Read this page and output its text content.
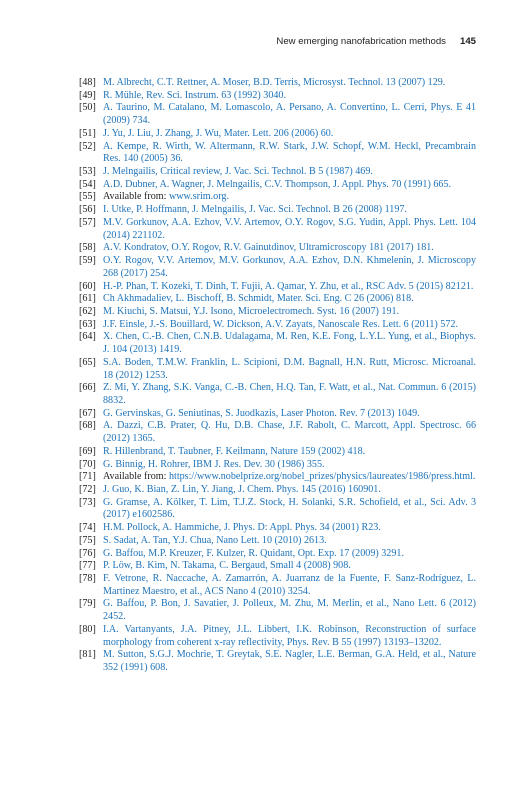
New emerging nanofabrication methods 145
[48] M. Albrecht, C.T. Rettner, A. Moser, B.D. Terris, Microsyst. Technol. 13 (2007) 129.
[49] R. Mühle, Rev. Sci. Instrum. 63 (1992) 3040.
[50] A. Taurino, M. Catalano, M. Lomascolo, A. Persano, A. Convertino, L. Cerri, Phys. E 41 (2009) 734.
[51] J. Yu, J. Liu, J. Zhang, J. Wu, Mater. Lett. 206 (2006) 60.
[52] A. Kempe, R. Wirth, W. Altermann, R.W. Stark, J.W. Schopf, W.M. Heckl, Precambrain Res. 140 (2005) 36.
[53] J. Melngailis, Critical review, J. Vac. Sci. Technol. B 5 (1987) 469.
[54] A.D. Dubner, A. Wagner, J. Melngailis, C.V. Thompson, J. Appl. Phys. 70 (1991) 665.
[55] Available from: www.srim.org.
[56] I. Utke, P. Hoffmann, J. Melngailis, J. Vac. Sci. Technol. B 26 (2008) 1197.
[57] M.V. Gorkunov, A.A. Ezhov, V.V. Artemov, O.Y. Rogov, S.G. Yudin, Appl. Phys. Lett. 104 (2014) 221102.
[58] A.V. Kondratov, O.Y. Rogov, R.V. Gainutdinov, Ultramicroscopy 181 (2017) 181.
[59] O.Y. Rogov, V.V. Artemov, M.V. Gorkunov, A.A. Ezhov, D.N. Khmelenin, J. Microscopy 268 (2017) 254.
[60] H.-P. Phan, T. Kozeki, T. Dinh, T. Fujii, A. Qamar, Y. Zhu, et al., RSC Adv. 5 (2015) 82121.
[61] Ch Akhmadaliev, L. Bischoff, B. Schmidt, Mater. Sci. Eng. C 26 (2006) 818.
[62] M. Kiuchi, S. Matsui, Y.J. Isono, Microelectromech. Syst. 16 (2007) 191.
[63] J.F. Einsle, J.-S. Bouillard, W. Dickson, A.V. Zayats, Nanoscale Res. Lett. 6 (2011) 572.
[64] X. Chen, C.-B. Chen, C.N.B. Udalagama, M. Ren, K.E. Fong, L.Y.L. Yung, et al., Biophys. J. 104 (2013) 1419.
[65] S.A. Boden, T.M.W. Franklin, L. Scipioni, D.M. Bagnall, H.N. Rutt, Microsc. Microanal. 18 (2012) 1253.
[66] Z. Mi, Y. Zhang, S.K. Vanga, C.-B. Chen, H.Q. Tan, F. Watt, et al., Nat. Commun. 6 (2015) 8832.
[67] G. Gervinskas, G. Seniutinas, S. Juodkazis, Laser Photon. Rev. 7 (2013) 1049.
[68] A. Dazzi, C.B. Prater, Q. Hu, D.B. Chase, J.F. Rabolt, C. Marcott, Appl. Spectrosc. 66 (2012) 1365.
[69] R. Hillenbrand, T. Taubner, F. Keilmann, Nature 159 (2002) 418.
[70] G. Binnig, H. Rohrer, IBM J. Res. Dev. 30 (1986) 355.
[71] Available from: https://www.nobelprize.org/nobel_prizes/physics/laureates/1986/press.html.
[72] J. Guo, K. Bian, Z. Lin, Y. Jiang, J. Chem. Phys. 145 (2016) 160901.
[73] G. Gramse, A. Kölker, T. Lim, T.J.Z. Stock, H. Solanki, S.R. Schofield, et al., Sci. Adv. 3 (2017) e1602586.
[74] H.M. Pollock, A. Hammiche, J. Phys. D: Appl. Phys. 34 (2001) R23.
[75] S. Sadat, A. Tan, Y.J. Chua, Nano Lett. 10 (2010) 2613.
[76] G. Baffou, M.P. Kreuzer, F. Kulzer, R. Quidant, Opt. Exp. 17 (2009) 3291.
[77] P. Löw, B. Kim, N. Takama, C. Bergaud, Small 4 (2008) 908.
[78] F. Vetrone, R. Naccache, A. Zamarrón, A. Juarranz de la Fuente, F. Sanz-Rodríguez, L. Martinez Maestro, et al., ACS Nano 4 (2010) 3254.
[79] G. Baffou, P. Bon, J. Savatier, J. Polleux, M. Zhu, M. Merlin, et al., Nano Lett. 6 (2012) 2452.
[80] I.A. Vartanyants, J.A. Pitney, J.L. Libbert, I.K. Robinson, Reconstruction of surface morphology from coherent x-ray reflectivity, Phys. Rev. B 55 (1997) 13193–13202.
[81] M. Sutton, S.G.J. Mochrie, T. Greytak, S.E. Nagler, L.E. Berman, G.A. Held, et al., Nature 352 (1991) 608.
